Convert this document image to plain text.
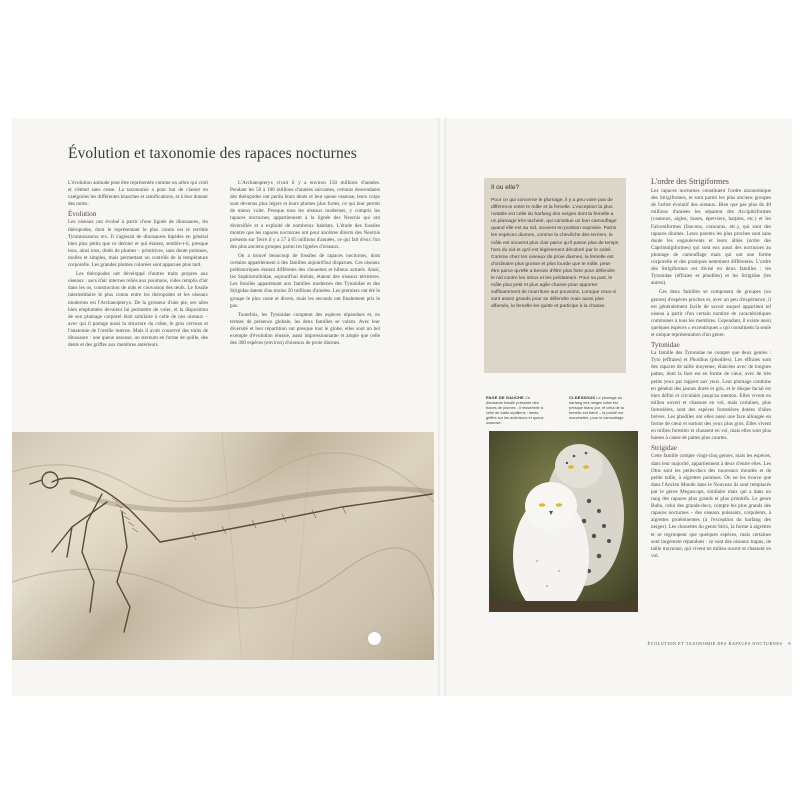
Évolution et taxonomie des rapaces nocturnes

L'évolution animale peut être représentée comme un arbre qui croît et s'étend sans cesse. La taxonomie a pour but de classer en catégories les différentes branches et ramifications, et à leur donner des noms.

Évolution

Les oiseaux ont évolué à partir d'une lignée de dinosaures, les théropodes, dont le représentant le plus connu est le terrible Tyrannosaurus rex. Il s'agissait de dinosaures bipèdes en général bien plus petits que ce dernier et qui étaient, semble-t-il, presque tous, ainsi tous, dotés de plumes – primitives, sans doute pointues, molles et simples, mais permettant un contrôle de la température corporelle. Les grandes plumes colorées sont apparues plus tard.

Les théropodes ont développé d'autres traits propres aux oiseaux : sacs d'air internes reliés aux poumons, vides remplis d'air dans les os, construction de nids et couvaison des œufs. Le fossile intermédiaire le plus connu entre les théropodes et les oiseaux modernes est l'Archaeopteryx. De la grosseur d'une pie, ses ailes bien emplumées devaient lui permettre de voler, et la disposition de son plumage corporel était similaire à celle de nos oiseaux – avec qui il partage aussi la structure du crâne, le gros cerveau et l'anatomie de l'oreille interne. Mais il avait conservé des traits de dinosaure : une queue osseuse, un sternum en forme de quille, des dents et des griffes aux membres antérieurs.

L'Archaeopteryx vivait il y a environ 150 millions d'années. Pendant les 50 à 100 millions d'années suivantes, certains descendants des théropodes ont perdu leurs dents et leur queue osseuse, leurs corps sont devenus plus légers et leurs plumes plus fortes, ce qui leur permit de mieux voler. Presque tous les oiseaux modernes, y compris les rapaces nocturnes, appartiennent à la lignée des Neornis qui ont diversifiés et a exploité de nombreux habitats. L'étude des fossiles montre que les rapaces nocturnes ont pour ancêtres directs des Neornis présents sur Terre il y a 57 à 65 millions d'années, ce qui fait d'eux l'un des plus anciens groupes parmi les lignées d'oiseaux.

On a trouvé beaucoup de fossiles de rapaces nocturnes, dont certains appartiennent à des familles aujourd'hui disparues. Ces oiseaux préhistoriques étaient différents des chouettes et hiboux actuels. Ainsi, les Sophiornithidae, aujourd'hui éteints, étaient des oiseaux terrestres. Les fossiles appartenant aux familles modernes des Tytonidae et des Strigidae datent d'au moins 20 millions d'années. Les premiers ont été le groupe le plus vaste et divers, mais les seconds ont finalement pris le pas.

Toutefois, les Tytonidae comptent des espèces répandues et, en termes de présence globale, les deux familles se valent. Avec leur diversité et leur répartition sur presque tout le globe, elles sont un bel exemple d'évolution réussie, aussi impressionnante et ample que celle des 300 espèces (environ) d'oiseaux de proie diurnes.

Il ou elle?
Pour ce qui concerne le plumage, il y a peu voire pas de différence entre le mâle et la femelle. L'exception la plus notable est celle du harfang des neiges dont la femelle a un plumage très tacheté, qui constitue un bon camouflage quand elle est au nid, souvent en position exposée. Parmi les espèces diurnes, comme la chevêche des terriers, le mâle est souvent plus clair parce qu'il passe plus de temps hors du nid et qu'il est légèrement décoloré par le soleil. Comme chez les oiseaux de proie diurnes, la femelle est d'ordinaire plus grosse et plus lourde que le mâle, peut-être parce qu'elle a besoin d'être plus forte pour défendre le nid contre les intrus et les prédateurs. Pour sa part, le mâle plus petit et plus agile chasse pour apporter suffisamment de nourriture aux poussins. Lorsque ceux-ci sont assez grands pour se défendre mais aussi plus affamés, la femelle les quitte et participe à la chasse.
PAGE DE GAUCHE Ce dinosaure fossile présente des traces de plumes : il ressemble à celle de traits reptiliens : dents, griffes sur les antérieurs et queue osseuse.
CI-DESSOUS Le plumage du harfang des neiges mâle est presque blanc pur, et celui de la femelle est barré – la pointe est mouchetée, pour le camouflage.
L'ordre des Strigiformes

Les rapaces nocturnes constituent l'ordre taxonomique des Strigiformes, et sont parmi les plus anciens groupes de l'arbre évolutif des oiseaux. Bien que pas plus de 40 millions d'années les séparent des Accipitriformes (vautours, aigles, buses, éperviers, harpies, etc.) et les Falconiformes (faucons, caracaras, etc.), qui sont des rapaces diurnes. Leurs parents les plus proches sont sans doute les engoulevents et leurs alliés (ordre des Caprimulgiformes) qui sont eux aussi des nocturnes au plumage de camouflage mais qui ont une forme corporelle et des pratiques nettement différentes. L'ordre des Strigiformes est divisé en deux familles : les Tytonidae (effraies et phodiles) et les Strigidae (les autres).

Ces deux familles se composent de groupes (ou genres) d'espèces proches et, avec un peu d'expérience, il est généralement facile de savoir auquel appartient tel oiseau à partir d'un certain nombre de caractéristiques communes à tous les membres. Cependant, il existe aussi quelques espèces « excentriques » qui constituent la seule et unique représentation d'un genre.

Tytonidae

La famille des Tytonidae ne compte que deux genres : Tyto (effraies) et Phodilus (phodiles). Les effraies sont des rapaces de taille moyenne, élancées avec de longues pattes, dont la face est en forme de cœur, avec de très petits yeux par rapport aux yeux. Leur plumage combine en général des jaunes dorés et gris, et le disque facial est bien défini et circulaire jusqu'au menton. Elles vivent en milieu ouvert et chassent en vol, mais certaines, plus forestières, sont des espèces forestières dotées d'ailes brèves. Les phodiles ont elles aussi une face allongée en forme de cœur et surtout des yeux plus gros. Elles vivent en milieu forestier et chassent en vol, mais elles sont plus basses à cause de pattes plus courtes.

Strigidae

Cette famille compte vingt-cinq genres, mais les espèces, dans leur majorité, appartiennent à deux d'entre elles. Les Otus sont les petits-ducs des nouveaux mondes et de petite taille, à aigrettes pointues. On ne les trouve que dans l'Ancien Monde dans le Nouveau ils sont remplacés par le genre Megascops, similaire mais qui a dans un rang des rapaces plus grands et plus primitifs. Le genre Bubo, celui des grands-ducs, compte les plus grands des rapaces nocturnes – des oiseaux puissants, corpulents, à aigrettes proéminentes (à l'exception du harfang des neiges). Les chouettes du genre Strix, la forme à aigrettes et se regroupent que quelques espèces, mais certaines sont largement répandues : ce sont des oiseaux trapus, de taille moyenne, qui vivent en milieu ouvert et chassent en vol.

ÉVOLUTION ET TAXONOMIE DES RAPACES NOCTURNES 9
